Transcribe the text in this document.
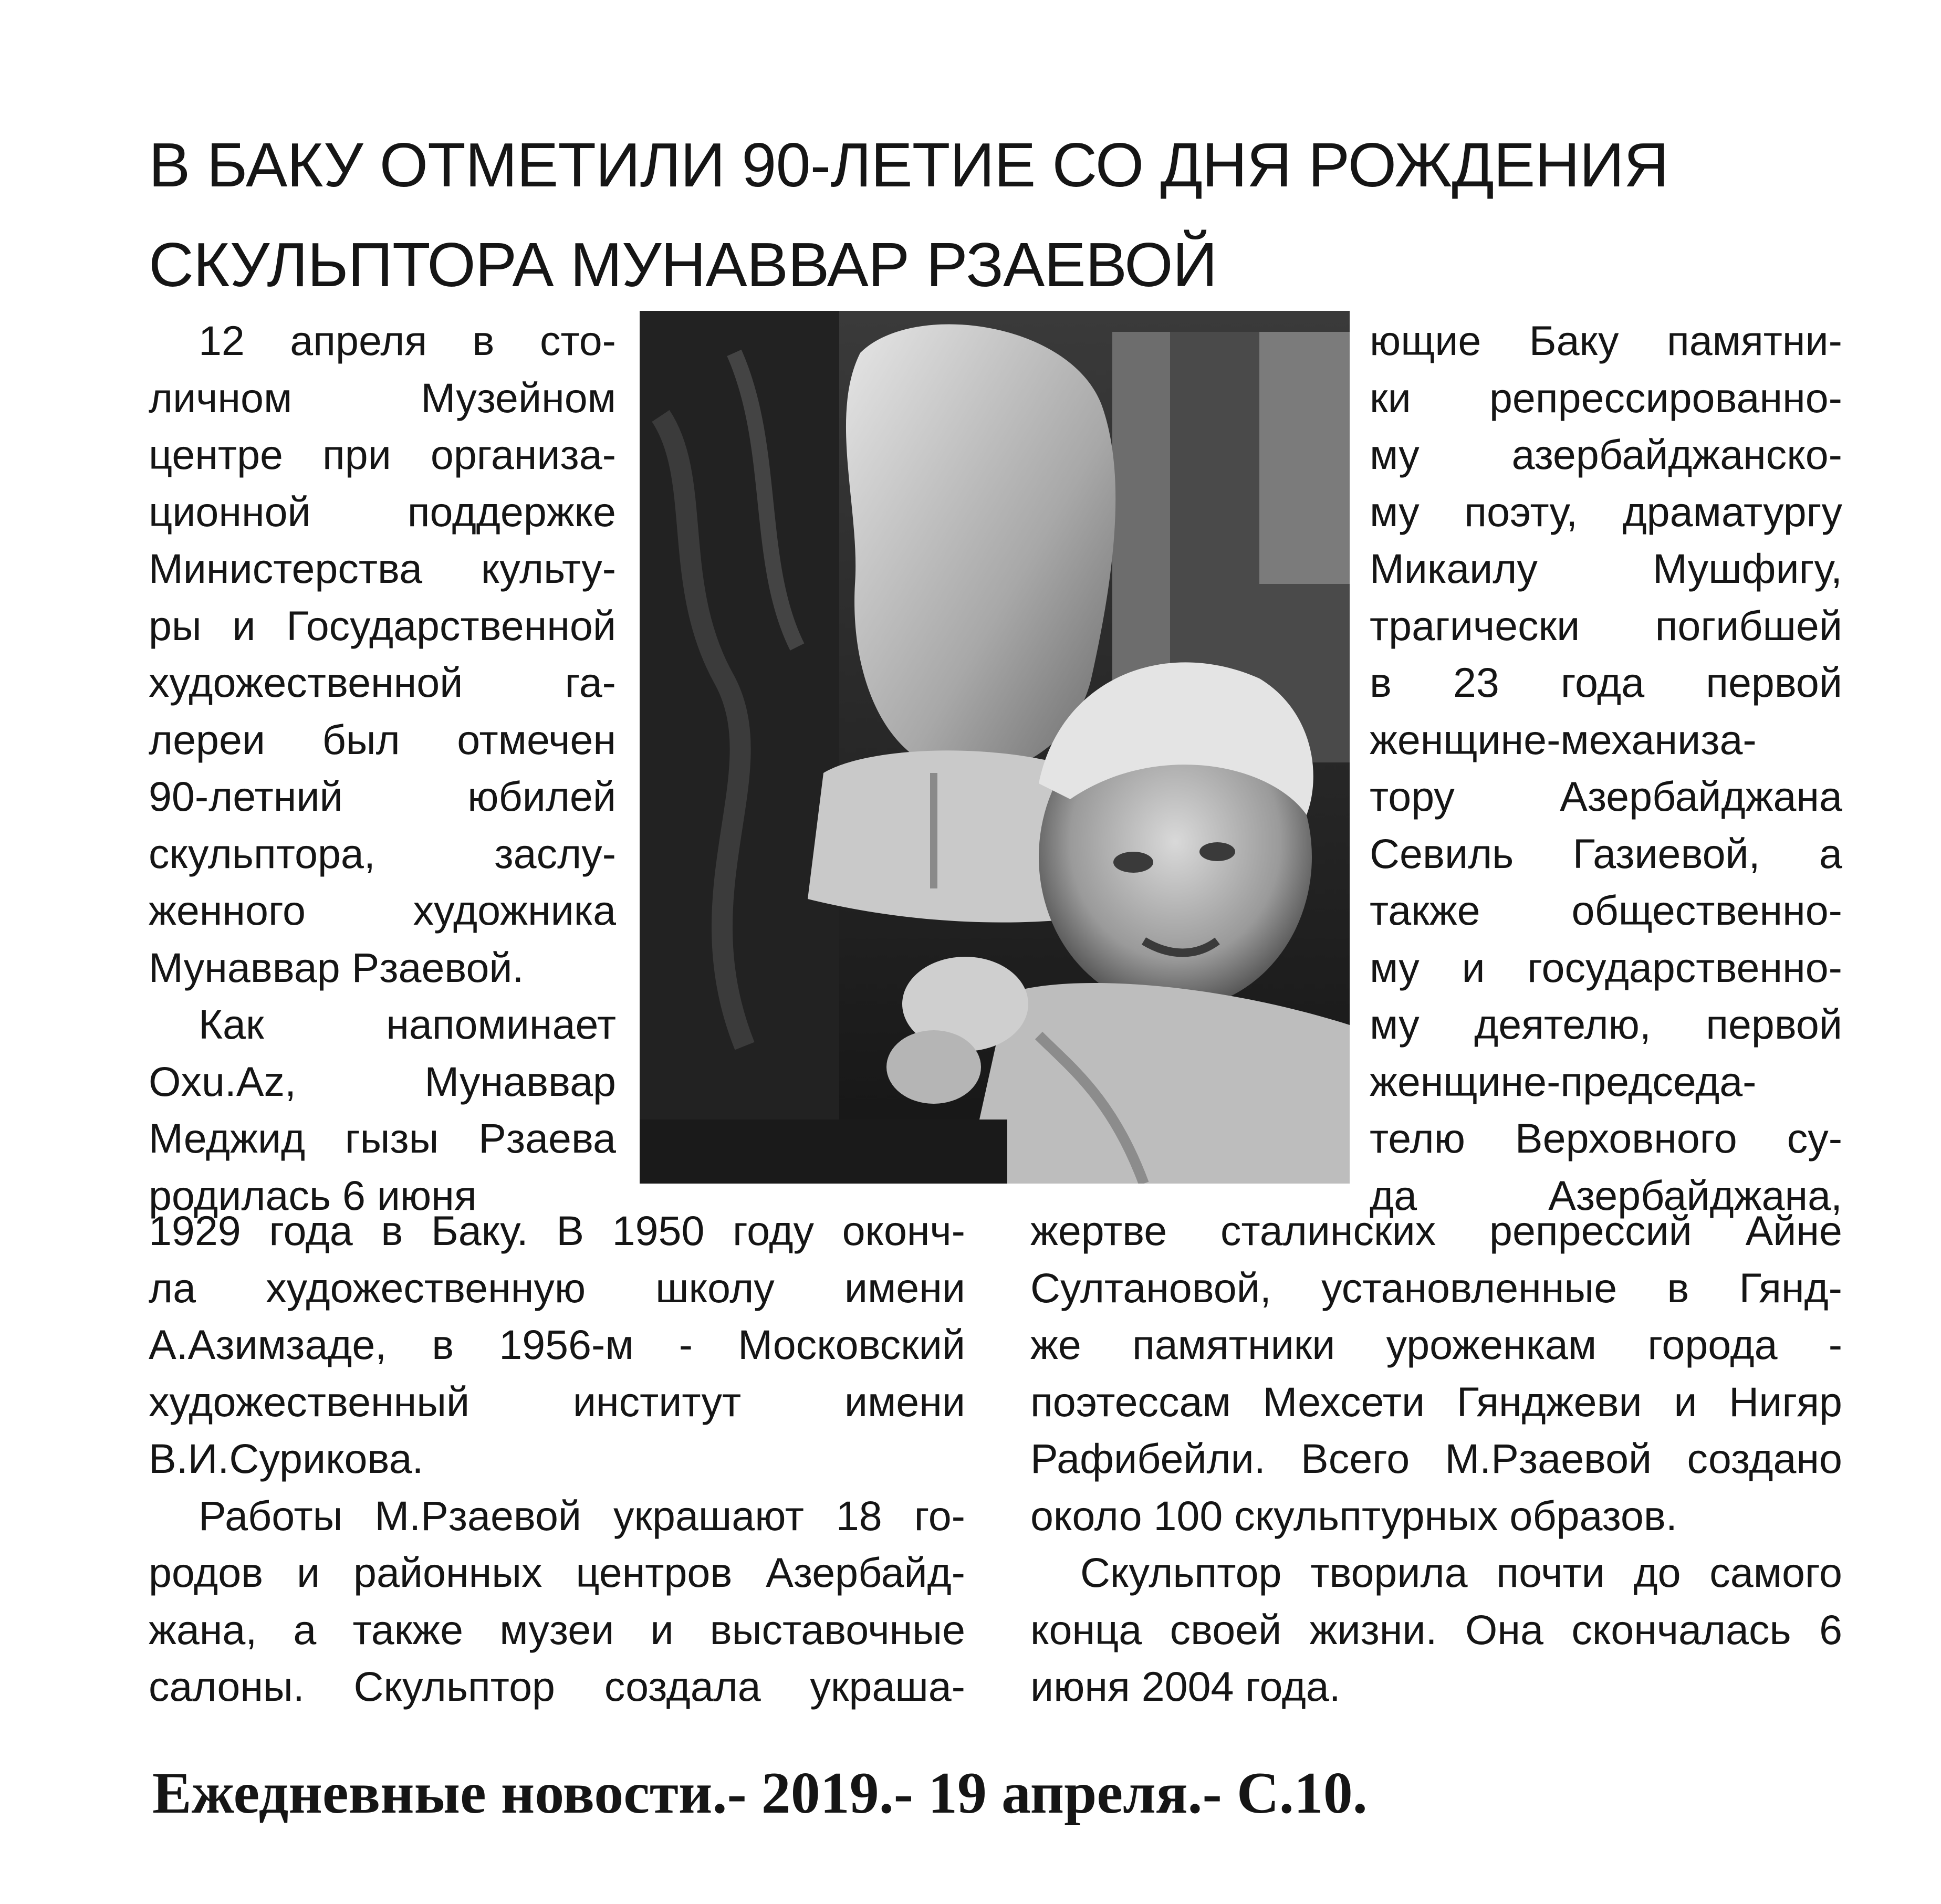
В БАКУ ОТМЕТИЛИ 90-ЛЕТИЕ СО ДНЯ РОЖДЕНИЯ
СКУЛЬПТОРА МУНАВВАР РЗАЕВОЙ
12 апреля в сто-
личном Музейном
центре при организа-
ционной поддержке
Министерства культу-
ры и Государственной
художественной га-
лереи был отмечен
90-летний юбилей
скульптора, заслу-
женного художника
Мунаввар Рзаевой.
Как напоминает
Oxu.Az, Мунаввар
Меджид гызы Рзаева
родилась 6 июня
ющие Баку памятни-
ки репрессированно-
му азербайджанско-
му поэту, драматургу
Микаилу Мушфигу,
трагически погибшей
в 23 года первой
женщине-механиза-
тору Азербайджана
Севиль Газиевой, а
также общественно-
му и государственно-
му деятелю, первой
женщине-председа-
телю Верховного су-
да Азербайджана,
1929 года в Баку. В 1950 году оконч-
ла художественную школу имени
А.Азимзаде, в 1956-м - Московский
художественный институт имени
В.И.Сурикова.
Работы М.Рзаевой украшают 18 го-
родов и районных центров Азербайд-
жана, а также музеи и выставочные
салоны. Скульптор создала украша-
жертве сталинских репрессий Айне
Султановой, установленные в Гянд-
же памятники уроженкам города -
поэтессам Мехсети Гянджеви и Нигяр
Рафибейли. Всего М.Рзаевой создано
около 100 скульптурных образов.
Скульптор творила почти до самого
конца своей жизни. Она скончалась 6
июня 2004 года.
Ежедневные новости.- 2019.- 19 апреля.- С.10.
